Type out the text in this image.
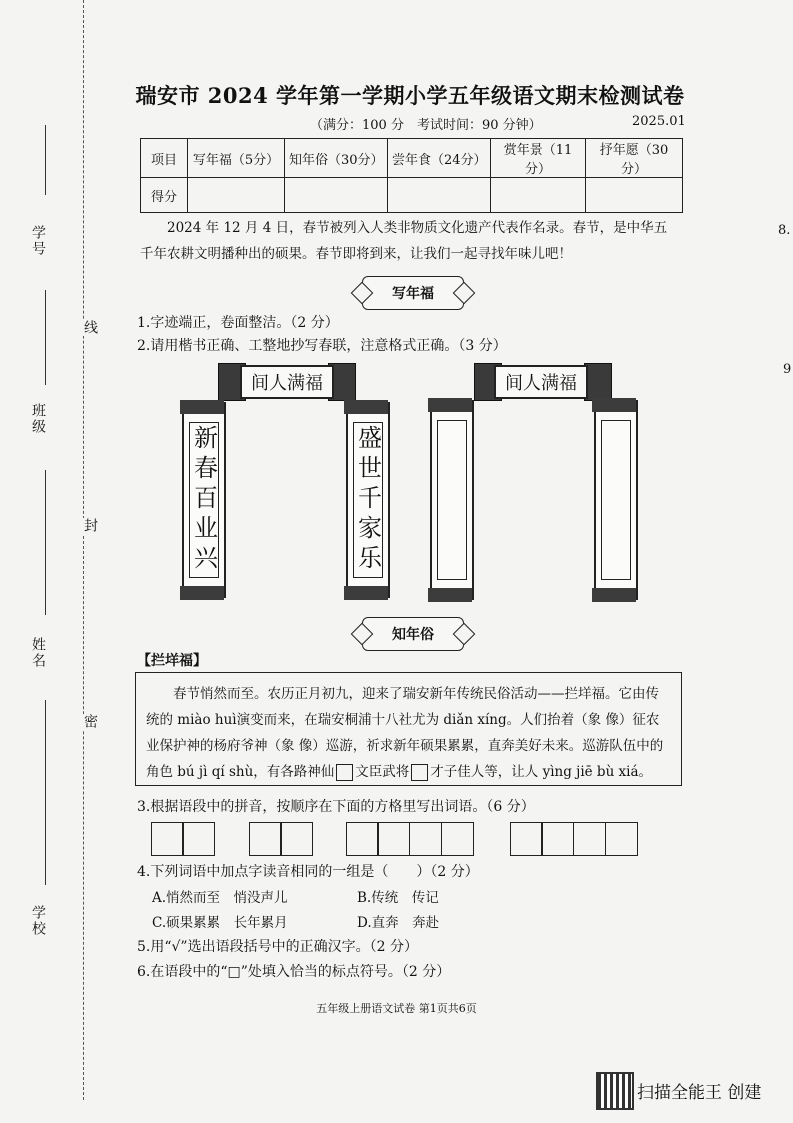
学号
班级
姓名
学校
线
封
密
瑞安市 2024 学年第一学期小学五年级语文期末检测试卷
（满分：100 分　考试时间：90 分钟）	2025.01
项目	写年福（5分）	知年俗（30分）	尝年食（24分）	赏年景（11分）	抒年愿（30分）
得分					
2024 年 12 月 4 日，春节被列入人类非物质文化遗产代表作名录。春节，是中华五千年农耕文明播种出的硕果。春节即将到来，让我们一起寻找年味儿吧！
写年福
1.字迹端正，卷面整洁。（2 分）
2.请用楷书正确、工整地抄写春联，注意格式正确。（3 分）
间人满福
新春百业兴	盛世千家乐
间人满福
知年俗
【拦垟福】

春节悄然而至。农历正月初九，迎来了瑞安新年传统民俗活动——拦垟福。它由传统的 miào huì演变而来，在瑞安桐浦十八社尤为 diǎn xíng。人们抬着（象 像）征农业保护神的杨府爷神（象 像）巡游，祈求新年硕果累累，直奔美好未来。巡游队伍中的角色 bú jì qí shù，有各路神仙 文臣武将 才子佳人等，让人 yìng jiē bù xiá。

3.根据语段中的拼音，按顺序在下面的方格里写出词语。（6 分）
4.下列词语中加点字读音相同的一组是（　　）（2 分）
A.悄然而至　悄没声儿	B.传统　传记
C.硕果累累　长年累月	D.直奔　奔赴
5.用“√”选出语段括号中的正确汉字。（2 分）
6.在语段中的“□”处填入恰当的标点符号。（2 分）
五年级上册语文试卷 第1页共6页
扫描全能王 创建
8.
9
